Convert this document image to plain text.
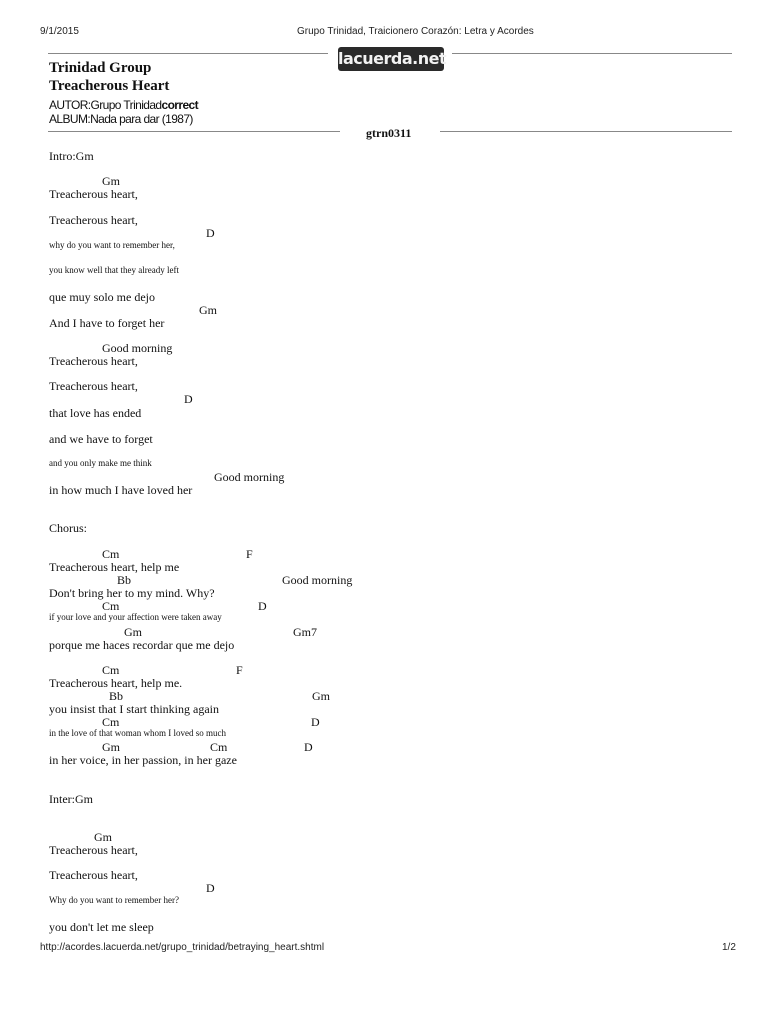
9/1/2015	Grupo Trinidad, Traicionero Corazón: Letra y Acordes
lacuerda.net
Trinidad Group
Treacherous Heart
AUTOR:Grupo Trinidadcorrect
ALBUM:Nada para dar (1987)
gtrn0311
Intro:Gm
Gm
Treacherous heart,
Treacherous heart,
D
why do you want to remember her,
you know well that they already left
que muy solo me dejo
Gm
And I have to forget her
Good morning
Treacherous heart,
Treacherous heart,
D
that love has ended
and we have to forget
and you only make me think
Good morning
in how much I have loved her
Chorus:
Cm	F
Treacherous heart, help me
Bb	Good morning
Don't bring her to my mind. Why?
Cm	D
if your love and your affection were taken away
Gm	Gm7
porque me haces recordar que me dejo
Cm	F
Treacherous heart, help me.
Bb	Gm
you insist that I start thinking again
Cm	D
in the love of that woman whom I loved so much
Gm	Cm	D
in her voice, in her passion, in her gaze
Inter:Gm
Gm
Treacherous heart,
Treacherous heart,
D
Why do you want to remember her?
you don't let me sleep
http://acordes.lacuerda.net/grupo_trinidad/betraying_heart.shtml	1/2
